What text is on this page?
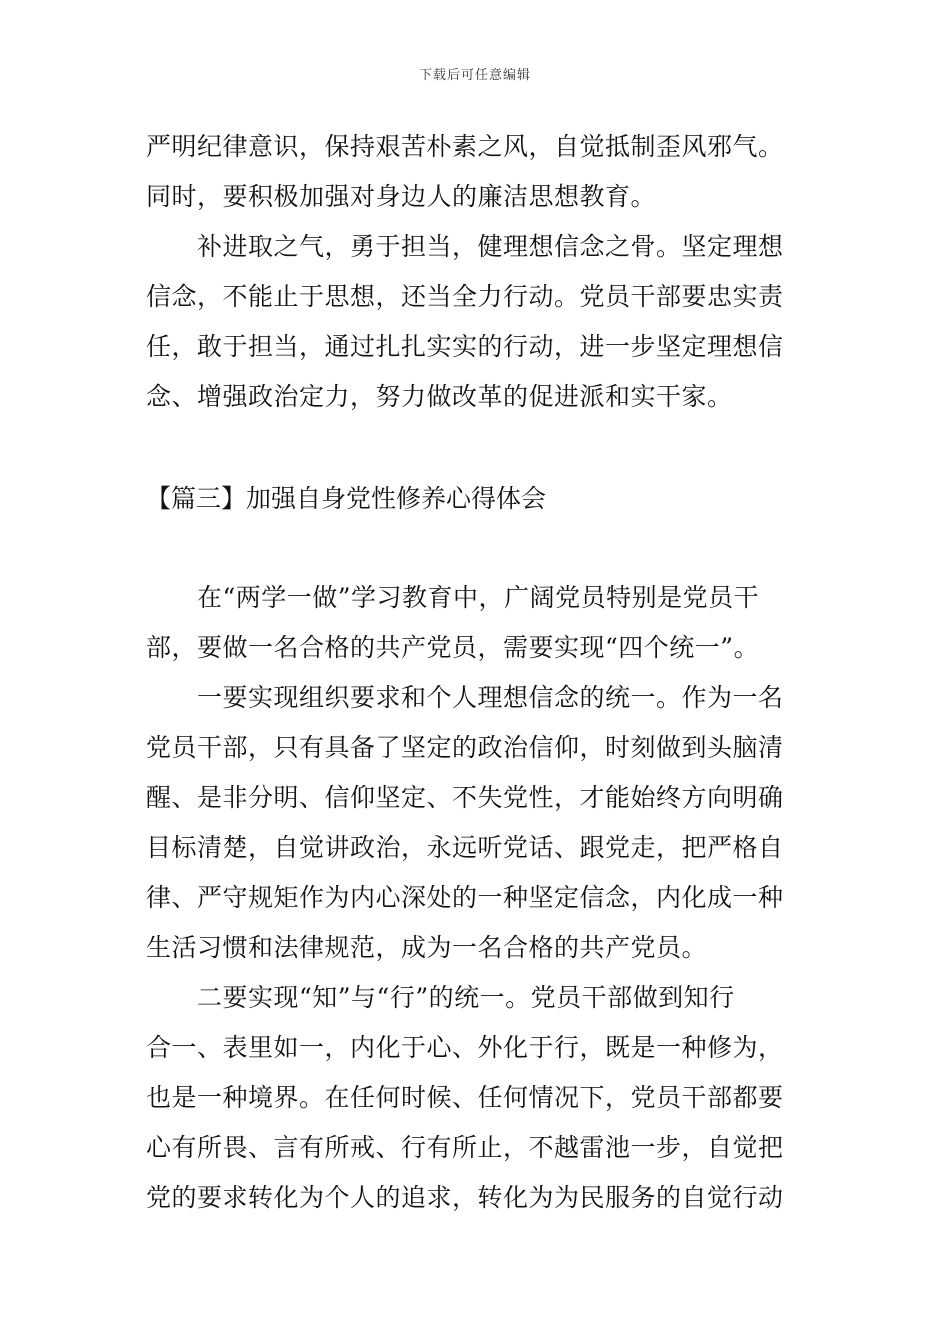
下载后可任意编辑
严明纪律意识，保持艰苦朴素之风，自觉抵制歪风邪气。
同时，要积极加强对身边人的廉洁思想教育。
补进取之气，勇于担当，健理想信念之骨。坚定理想
信念，不能止于思想，还当全力行动。党员干部要忠实责
任，敢于担当，通过扎扎实实的行动，进一步坚定理想信
念、增强政治定力，努力做改革的促进派和实干家。
【篇三】加强自身党性修养心得体会
在“两学一做”学习教育中，广阔党员特别是党员干
部，要做一名合格的共产党员，需要实现“四个统一”。
一要实现组织要求和个人理想信念的统一。作为一名
党员干部，只有具备了坚定的政治信仰，时刻做到头脑清
醒、是非分明、信仰坚定、不失党性，才能始终方向明确
目标清楚，自觉讲政治，永远听党话、跟党走，把严格自
律、严守规矩作为内心深处的一种坚定信念，内化成一种
生活习惯和法律规范，成为一名合格的共产党员。
二要实现“知”与“行”的统一。党员干部做到知行
合一、表里如一，内化于心、外化于行，既是一种修为，
也是一种境界。在任何时候、任何情况下，党员干部都要
心有所畏、言有所戒、行有所止，不越雷池一步，自觉把
党的要求转化为个人的追求，转化为为民服务的自觉行动
